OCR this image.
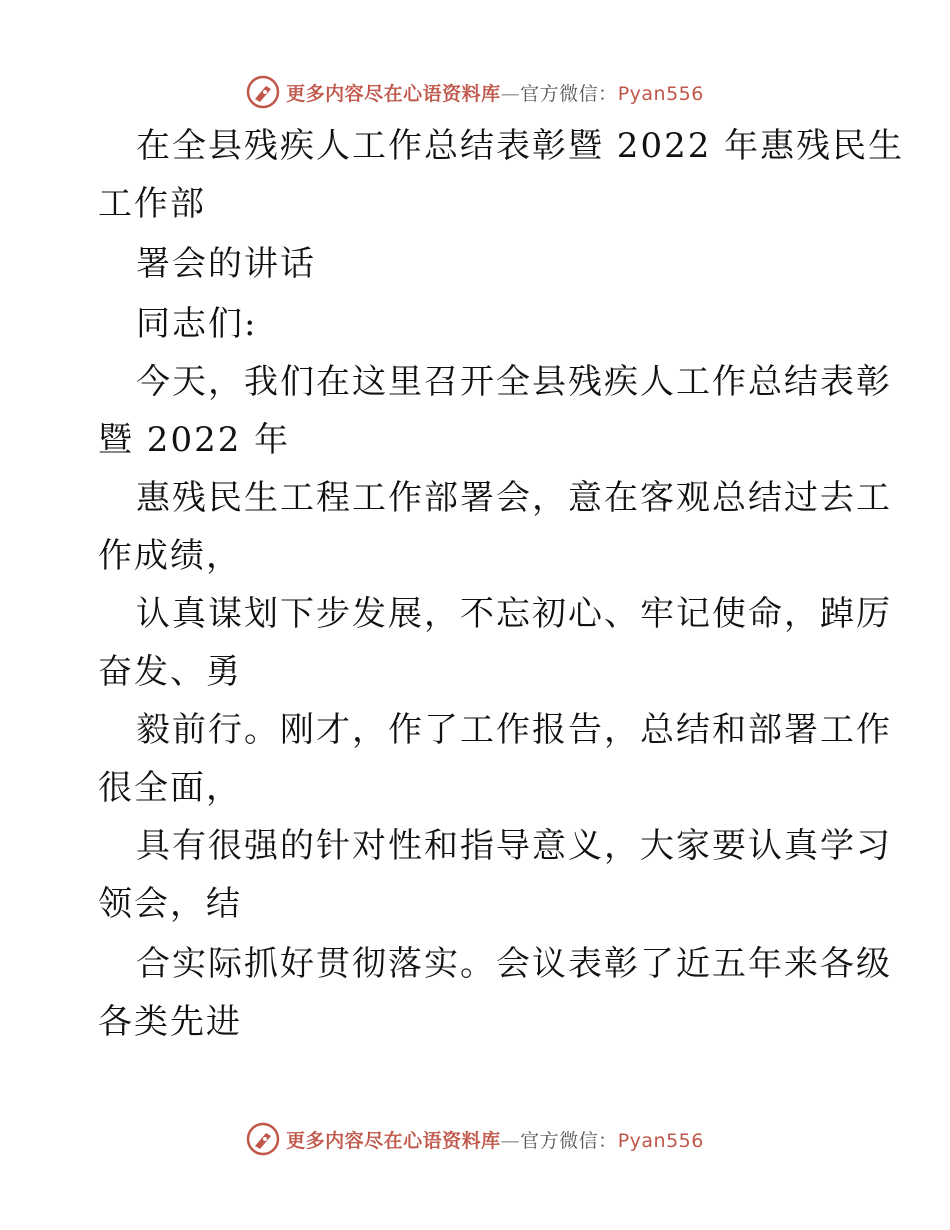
更多内容尽在心语资料库—官方微信：Pyan556
在全县残疾人工作总结表彰暨 2022 年惠残民生
工作部
署会的讲话
同志们:
今天，我们在这里召开全县残疾人工作总结表彰
暨 2022 年
惠残民生工程工作部署会，意在客观总结过去工
作成绩，
认真谋划下步发展，不忘初心、牢记使命，踔厉
奋发、勇
毅前行。刚才，作了工作报告，总结和部署工作
很全面，
具有很强的针对性和指导意义，大家要认真学习
领会，结
合实际抓好贯彻落实。会议表彰了近五年来各级
各类先进
更多内容尽在心语资料库—官方微信：Pyan556
